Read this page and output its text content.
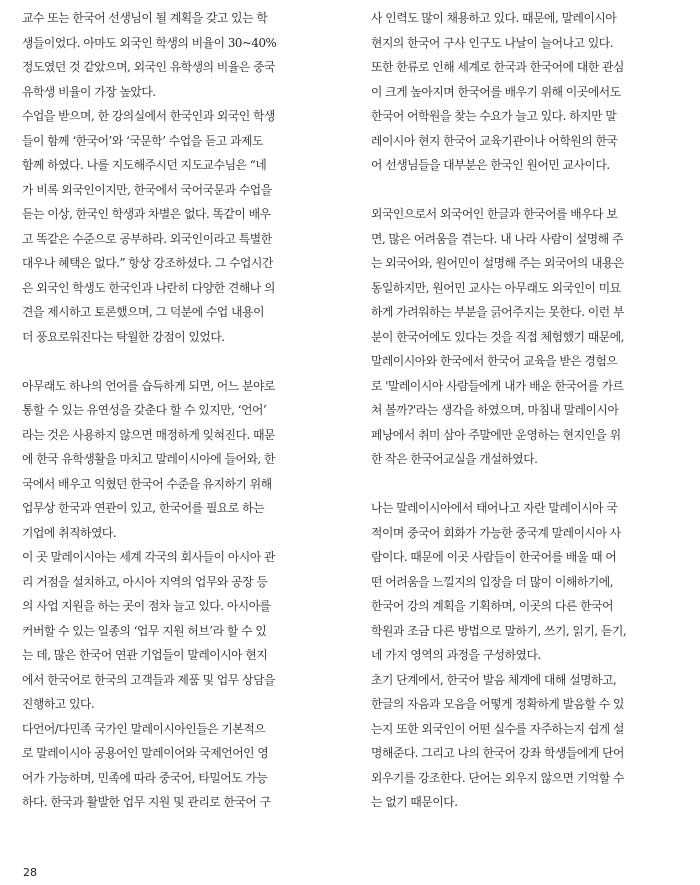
교수 또는 한국어 선생님이 될 계획을 갖고 있는 학
생들이었다. 아마도 외국인 학생의 비율이 30~40%
정도였던 것 같았으며, 외국인 유학생의 비율은 중국
유학생 비율이 가장 높았다.
수업을 받으며, 한 강의실에서 한국인과 외국인 학생
들이 함께 ‘한국어’와 ‘국문학’ 수업을 듣고 과제도
함께 하였다. 나를 지도해주시던 지도교수님은 “네
가 비록 외국인이지만, 한국에서 국어국문과 수업을
듣는 이상, 한국인 학생과 차별은 없다. 똑같이 배우
고 똑같은 수준으로 공부하라. 외국인이라고 특별한
대우나 혜택은 없다.” 항상 강조하셨다. 그 수업시간
은 외국인 학생도 한국인과 나란히 다양한 견해나 의
견을 제시하고 토론했으며, 그 덕분에 수업 내용이
더 풍요로워진다는 탁월한 강점이 있었다.
아무래도 하나의 언어를 습득하게 되면, 어느 분야로
통할 수 있는 유연성을 갖춘다 할 수 있지만, ‘언어’
라는 것은 사용하지 않으면 매정하게 잊혀진다. 때문
에 한국 유학생활을 마치고 말레이시아에 들어와, 한
국에서 배우고 익혔던 한국어 수준을 유지하기 위해
업무상 한국과 연관이 있고, 한국어를 필요로 하는
기업에 취직하였다.
이 곳 말레이시아는 세계 각국의 회사들이 아시아 관
리 거점을 설치하고, 아시아 지역의 업무와 공장 등
의 사업 지원을 하는 곳이 점차 늘고 있다. 아시아를
커버할 수 있는 일종의 ‘업무 지원 허브’라 할 수 있
는 데, 많은 한국어 연관 기업들이 말레이시아 현지
에서 한국어로 한국의 고객들과 제품 및 업무 상담을
진행하고 있다.
다언어/다민족 국가인 말레이시아인들은 기본적으
로 말레이시아 공용어인 말레이어와 국제언어인 영
어가 가능하며, 민족에 따라 중국어, 타밀어도 가능
하다. 한국과 활발한 업무 지원 및 관리로 한국어 구
사 인력도 많이 채용하고 있다. 때문에, 말레이시아
현지의 한국어 구사 인구도 나날이 늘어나고 있다.
또한 한류로 인해 세계로 한국과 한국어에 대한 관심
이 크게 높아지며 한국어를 배우기 위해 이곳에서도
한국어 어학원을 찾는 수요가 늘고 있다. 하지만 말
레이시아 현지 한국어 교육기관이나 어학원의 한국
어 선생님들을 대부분은 한국인 원어민 교사이다.
외국인으로서 외국어인 한글과 한국어를 배우다 보
면, 많은 어려움을 겪는다. 내 나라 사람이 설명해 주
는 외국어와, 원어민이 설명해 주는 외국어의 내용은
동일하지만, 원어민 교사는 아무래도 외국인이 미묘
하게 가려워하는 부분을 긁어주지는 못한다. 이런 부
분이 한국어에도 있다는 것을 직접 체험했기 때문에,
말레이시아와 한국에서 한국어 교육을 받은 경험으
로 '말레이시아 사람들에게 내가 배운 한국어를 가르
쳐 볼까?'라는 생각을 하였으며, 마침내 말레이시아
페낭에서 취미 삼아 주말에만 운영하는 현지인을 위
한 작은 한국어교실을 개설하였다.
나는 말레이시아에서 태어나고 자란 말레이시아 국
적이며 중국어 회화가 가능한 중국계 말레이시아 사
람이다. 때문에 이곳 사람들이 한국어를 배울 때 어
떤 어려움을 느낄지의 입장을 더 많이 이해하기에,
한국어 강의 계획을 기획하며, 이곳의 다른 한국어
학원과 조금 다른 방법으로 말하기, 쓰기, 읽기, 듣기,
네 가지 영역의 과정을 구성하였다.
초기 단계에서, 한국어 발음 체계에 대해 설명하고,
한글의 자음과 모음을 어떻게 정확하게 발음할 수 있
는지 또한 외국인이 어떤 실수를 자주하는지 쉽게 설
명해준다. 그리고 나의 한국어 강좌 학생들에게 단어
외우기를 강조한다. 단어는 외우지 않으면 기억할 수
는 없기 때문이다.
28
